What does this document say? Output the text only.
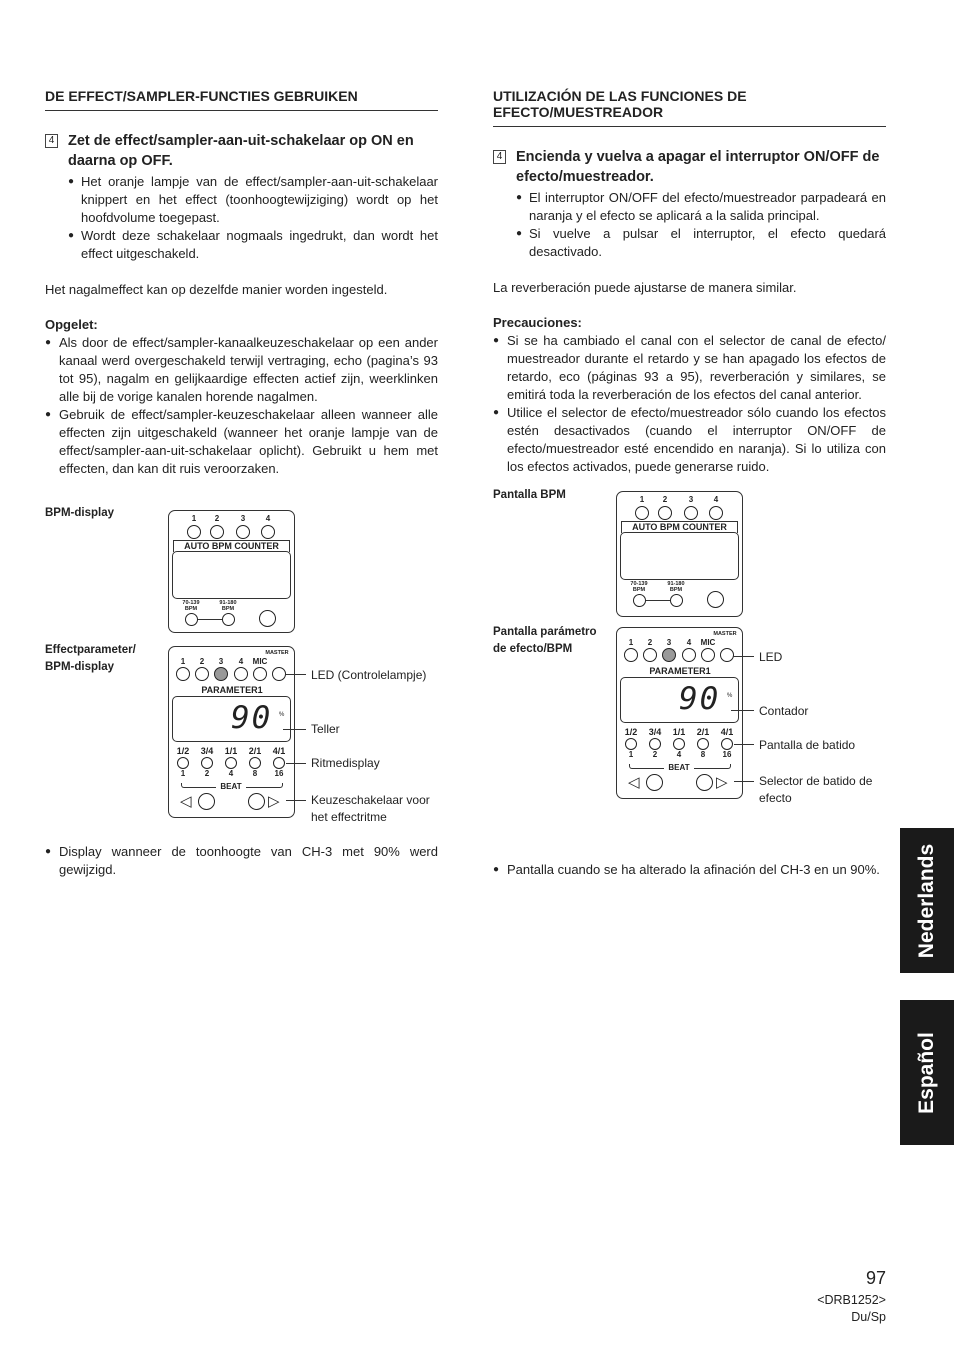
DE EFFECT/SAMPLER-FUNCTIES GEBRUIKEN
4 Zet de effect/sampler-aan-uit-schakelaar op ON en daarna op OFF.

● Het oranje lampje van de effect/sampler-aan-uit-schakelaar knippert en het effect (toonhoogtewijziging) wordt op het hoofdvolume toegepast.

● Wordt deze schakelaar nogmaals ingedrukt, dan wordt het effect uitgeschakeld.

Het nagalmeffect kan op dezelfde manier worden ingesteld.

Opgelet:

● Als door de effect/sampler-kanaalkeuzeschakelaar op een ander kanaal werd overgeschakeld terwijl vertraging, echo (pagina’s 93 tot 95), nagalm en gelijkaardige effecten actief zijn, weerklinken alle bij de vorige kanalen horende nagalmen.

● Gebruik de effect/sampler-keuzeschakelaar alleen wanneer alle effecten zijn uitgeschakeld (wanneer het oranje lampje van de effect/sampler-aan-uit-schakelaar oplicht). Gebruikt u hem met effecten, dan kan dit ruis veroorzaken.

UTILIZACIÓN DE LAS FUNCIONES DE EFECTO/MUESTREADOR
4 Encienda y vuelva a apagar el interruptor ON/OFF de efecto/muestreador.

● El interruptor ON/OFF del efecto/muestreador parpadeará en naranja y el efecto se aplicará a la salida principal.

● Si vuelve a pulsar el interruptor, el efecto quedará desactivado.

La reverberación puede ajustarse de manera similar.

Precauciones:

● Si se ha cambiado el canal con el selector de canal de efecto/ muestreador durante el retardo y se han apagado los efectos de retardo, eco (páginas 93 a 95), reverberación y similares, se emitirá toda la reverberación de los efectos del canal anterior.

● Utilice el selector de efecto/muestreador sólo cuando los efectos estén desactivados (cuando el interruptor ON/OFF de efecto/muestreador esté encendido en naranja). Si lo utiliza con los efectos activados, puede generarse ruido.

BPM-display
Effectparameter/ BPM-display
1	2	3	4
AUTO BPM COUNTER
70-139
BPM
91-180
BPM
1	2	3	4	MIC
MASTER
PARAMETER1
90 %
1/2
1
3/4
2
1/1
4
2/1
8
4/1
16
BEAT
◁	▷
LED (Controlelampje)
Teller
Ritmedisplay
Keuzeschakelaar voor het effectritme

● Display wanneer de toonhoogte van CH-3 met 90% werd gewijzigd.

Pantalla BPM
Pantalla parámetro de efecto/BPM
1	2	3	4
AUTO BPM COUNTER
70-139
BPM
91-180
BPM
1	2	3	4	MIC
MASTER
PARAMETER1
90 %
1/2
1
3/4
2
1/1
4
2/1
8
4/1
16
BEAT
◁	▷
LED
Contador
Pantalla de batido
Selector de batido de efecto

● Pantalla cuando se ha alterado la afinación del CH-3 en un 90%. Nederlands
Español
97
<DRB1252>
Du/Sp
